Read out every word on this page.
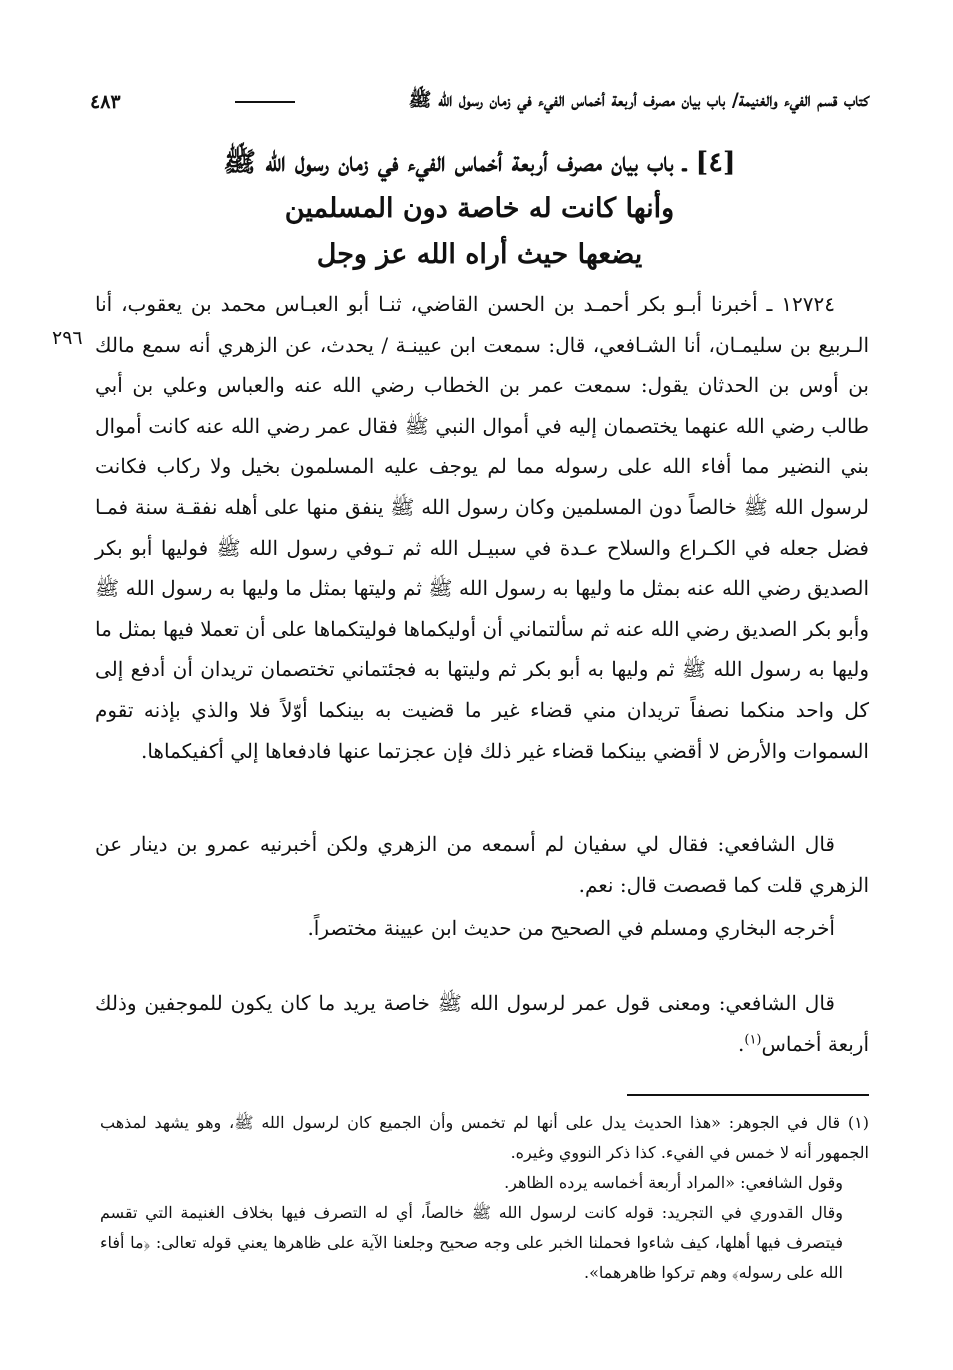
كتاب قسم الفيء والغنيمة/ باب بيان مصرف أربعة أخماس الفيء في زمان رسول الله ﷺ
٤٨٣
[٤] ـ باب بيان مصرف أربعة أخماس الفيء في زمان رسول الله ﷺ
وأنها كانت له خاصة دون المسلمين
يضعها حيث أراه الله عز وجل
١٢٧٢٤ ـ أخبرنا أبـو بكر أحمـد بن الحسن القاضي، ثنـا أبو العبـاس محمد بن يعقوب، أنا الـربيع بن سليمـان، أنا الشـافعي، قال: سمعت ابن عيينـة / يحدث، عن الزهري أنه سمع مالك بن أوس بن الحدثان يقول: سمعت عمر بن الخطاب رضي الله عنه والعباس وعلي بن أبي طالب رضي الله عنهما يختصمان إليه في أموال النبي ﷺ فقال عمر رضي الله عنه كانت أموال بني النضير مما أفاء الله على رسوله مما لم يوجف عليه المسلمون بخيل ولا ركاب فكانت لرسول الله ﷺ خالصاً دون المسلمين وكان رسول الله ﷺ ينفق منها على أهله نفقـة سنة فمـا فضل جعله في الكـراع والسلاح عـدة في سبيـل الله ثم تـوفي رسول الله ﷺ فوليها أبو بكر الصديق رضي الله عنه بمثل ما وليها به رسول الله ﷺ ثم وليتها بمثل ما وليها به رسول الله ﷺ وأبو بكر الصديق رضي الله عنه ثم سألتماني أن أوليكماها فوليتكماها على أن تعملا فيها بمثل ما وليها به رسول الله ﷺ ثم وليها به أبو بكر ثم وليتها به فجئتماني تختصمان تريدان أن أدفع إلى كل واحد منكما نصفاً تريدان مني قضاء غير ما قضيت به بينكما أوّلاً فلا والذي بإذنه تقوم السموات والأرض لا أقضي بينكما قضاء غير ذلك فإن عجزتما عنها فادفعاها إلي أكفيكماها.
٢٩٦
قال الشافعي: فقال لي سفيان لم أسمعه من الزهري ولكن أخبرنيه عمرو بن دينار عن الزهري قلت كما قصصت قال: نعم.
أخرجه البخاري ومسلم في الصحيح من حديث ابن عيينة مختصراً.
قال الشافعي: ومعنى قول عمر لرسول الله ﷺ خاصة يريد ما كان يكون للموجفين وذلك أربعة أخماس$^{(١)}$.
(١) قال في الجوهر: «هذا الحديث يدل على أنها لم تخمس وأن الجميع كان لرسول الله ﷺ، وهو يشهد لمذهب الجمهور أنه لا خمس في الفيء. كذا ذكر النووي وغيره.
وقول الشافعي: «المراد أربعة أخماسه يرده الظاهر.
وقال القدوري في التجريد: قوله كانت لرسول الله ﷺ خالصاً، أي له التصرف فيها بخلاف الغنيمة التي تقسم فيتصرف فيها أهلها، كيف شاءوا فحملنا الخبر على وجه صحيح وجلعنا الآية على ظاهرها يعني قوله تعالى: ﴿ما أفاء الله على رسوله﴾ وهم تركوا ظاهرهما».
